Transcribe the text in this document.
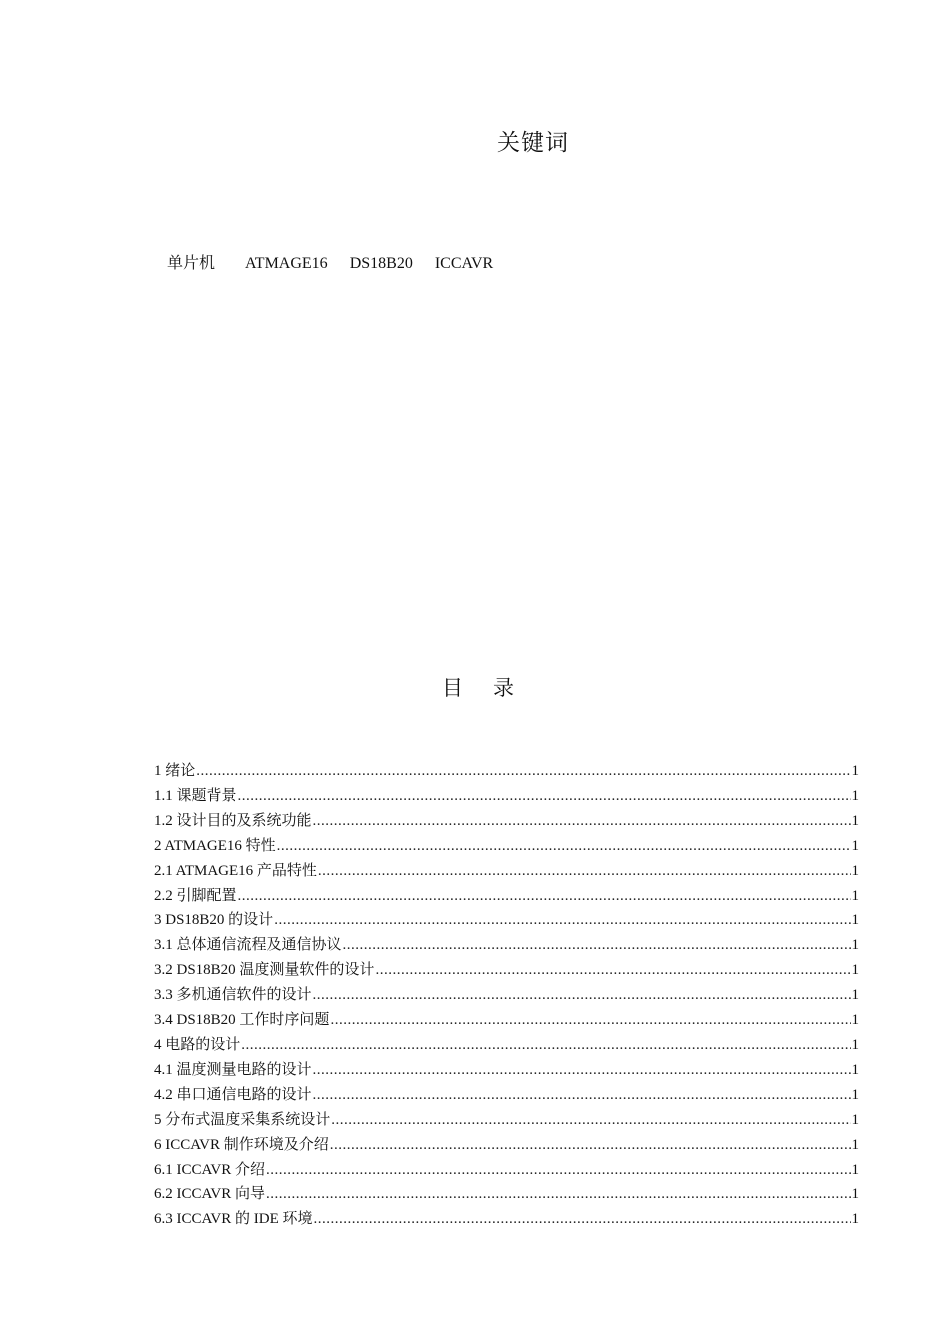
关键词
单片机 ATMAGE16 DS18B20 ICCAVR
目录
1 绪论 .....	1
1.1 课题背景 .....	1
1.2 设计目的及系统功能 .....	1
2 ATMAGE16 特性 .....	1
2.1 ATMAGE16 产品特性 .....	1
2.2 引脚配置 .....	1
3 DS18B20 的设计 .....	1
3.1 总体通信流程及通信协议 .....	1
3.2 DS18B20 温度测量软件的设计 .....	1
3.3 多机通信软件的设计 .....	1
3.4 DS18B20 工作时序问题 .....	1
4 电路的设计 .....	1
4.1 温度测量电路的设计 .....	1
4.2 串口通信电路的设计 .....	1
5 分布式温度采集系统设计 .....	1
6 ICCAVR 制作环境及介绍 .....	1
6.1 ICCAVR 介绍 .....	1
6.2 ICCAVR 向导 .....	1
6.3 ICCAVR 的 IDE 环境 .....	1
